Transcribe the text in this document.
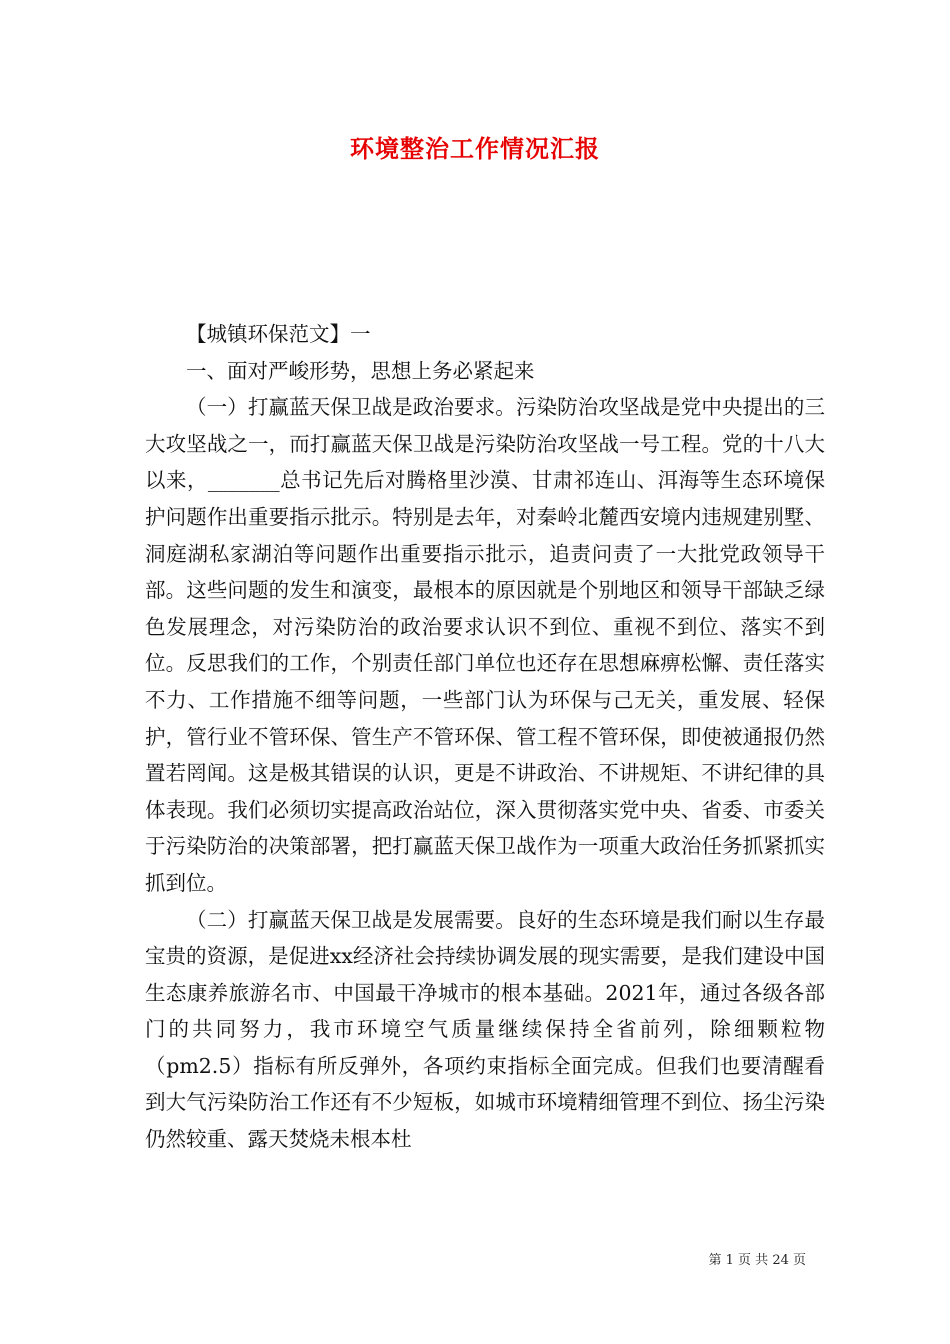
环境整治工作情况汇报

【城镇环保范文】一

一、面对严峻形势，思想上务必紧起来

（一）打赢蓝天保卫战是政治要求。污染防治攻坚战是党中央提出的三大攻坚战之一，而打赢蓝天保卫战是污染防治攻坚战一号工程。党的十八大以来，_______总书记先后对腾格里沙漠、甘肃祁连山、洱海等生态环境保护问题作出重要指示批示。特别是去年，对秦岭北麓西安境内违规建别墅、洞庭湖私家湖泊等问题作出重要指示批示，追责问责了一大批党政领导干部。这些问题的发生和演变，最根本的原因就是个别地区和领导干部缺乏绿色发展理念，对污染防治的政治要求认识不到位、重视不到位、落实不到位。反思我们的工作，个别责任部门单位也还存在思想麻痹松懈、责任落实不力、工作措施不细等问题，一些部门认为环保与己无关，重发展、轻保护，管行业不管环保、管生产不管环保、管工程不管环保，即使被通报仍然置若罔闻。这是极其错误的认识，更是不讲政治、不讲规矩、不讲纪律的具体表现。我们必须切实提高政治站位，深入贯彻落实党中央、省委、市委关于污染防治的决策部署，把打赢蓝天保卫战作为一项重大政治任务抓紧抓实抓到位。

（二）打赢蓝天保卫战是发展需要。良好的生态环境是我们耐以生存最宝贵的资源，是促进xx经济社会持续协调发展的现实需要，是我们建设中国生态康养旅游名市、中国最干净城市的根本基础。2021年，通过各级各部门的共同努力，我市环境空气质量继续保持全省前列，除细颗粒物（pm2.5）指标有所反弹外，各项约束指标全面完成。但我们也要清醒看到大气污染防治工作还有不少短板，如城市环境精细管理不到位、扬尘污染仍然较重、露天焚烧未根本杜

第 1 页 共 24 页
